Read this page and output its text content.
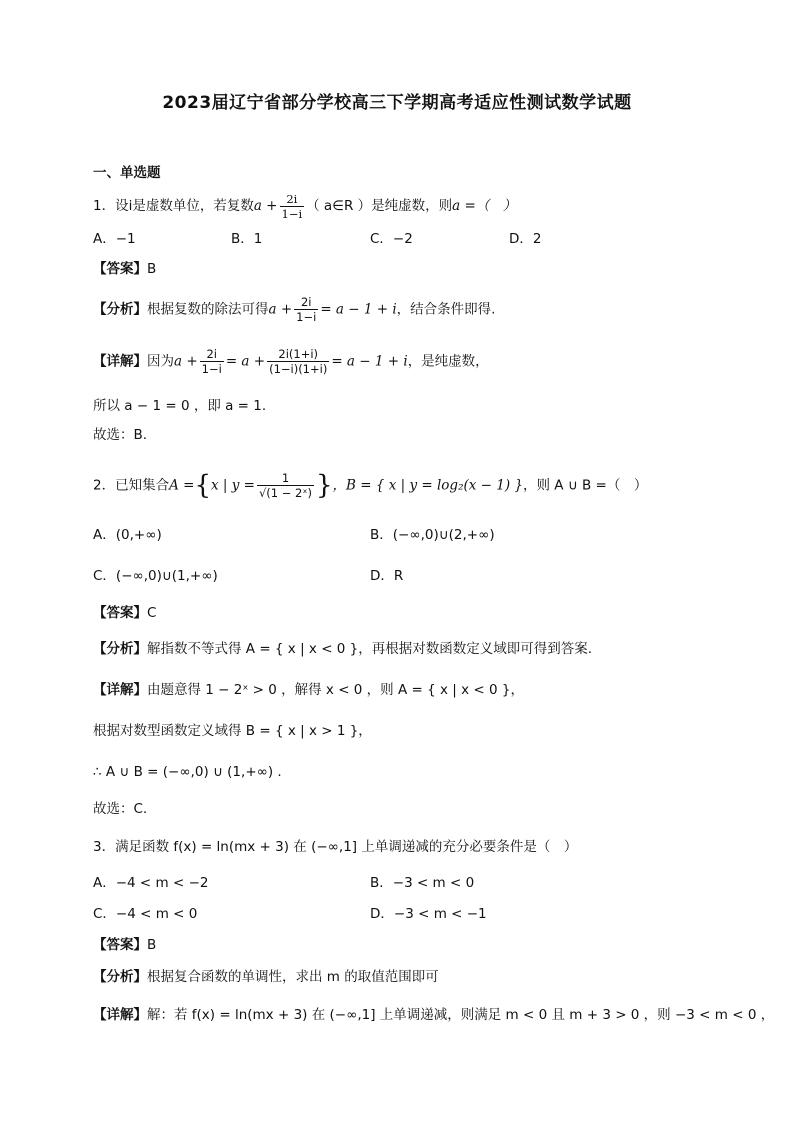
2023届辽宁省部分学校高三下学期高考适应性测试数学试题
一、单选题
1．设i是虚数单位，若复数$a + \frac{2i}{1-i}$ （ a∈R ）是纯虚数，则a =（　）
A．−1	B．1	C．−2	D．2
【答案】B
【分析】根据复数的除法可得$a + \frac{2i}{1-i} = a - 1 + i$，结合条件即得.
【详解】因为$a + \frac{2i}{1-i} = a + \frac{2i(1+i)}{(1-i)(1+i)} = a - 1 + i$，是纯虚数，
所以 a − 1 = 0 ，即 a = 1.
故选：B.
2．已知集合A ={x | $y = \frac{1}{\text{√(1 − 2ˣ)}}$ }，B = { x | y = log₂(x − 1) }，则 A ∪ B =（　）
A．(0,+∞)	B．(−∞,0)∪(2,+∞)
C．(−∞,0)∪(1,+∞)	D．R
【答案】C
【分析】解指数不等式得 A = { x | x < 0 }，再根据对数函数定义域即可得到答案.
【详解】由题意得 1 − 2ˣ > 0 ，解得 x < 0 ，则 A = { x | x < 0 }，
根据对数型函数定义域得 B = { x | x > 1 }，
∴ A ∪ B = (−∞,0) ∪ (1,+∞) .
故选：C.
3．满足函数 f(x) = ln(mx + 3) 在 (−∞,1] 上单调递减的充分必要条件是（　）
A．−4 < m < −2	B．−3 < m < 0
C．−4 < m < 0	D．−3 < m < −1
【答案】B
【分析】根据复合函数的单调性，求出 m 的取值范围即可
【详解】解：若 f(x) = ln(mx + 3) 在 (−∞,1] 上单调递减，则满足 m < 0 且 m + 3 > 0 ，则 −3 < m < 0 ，
